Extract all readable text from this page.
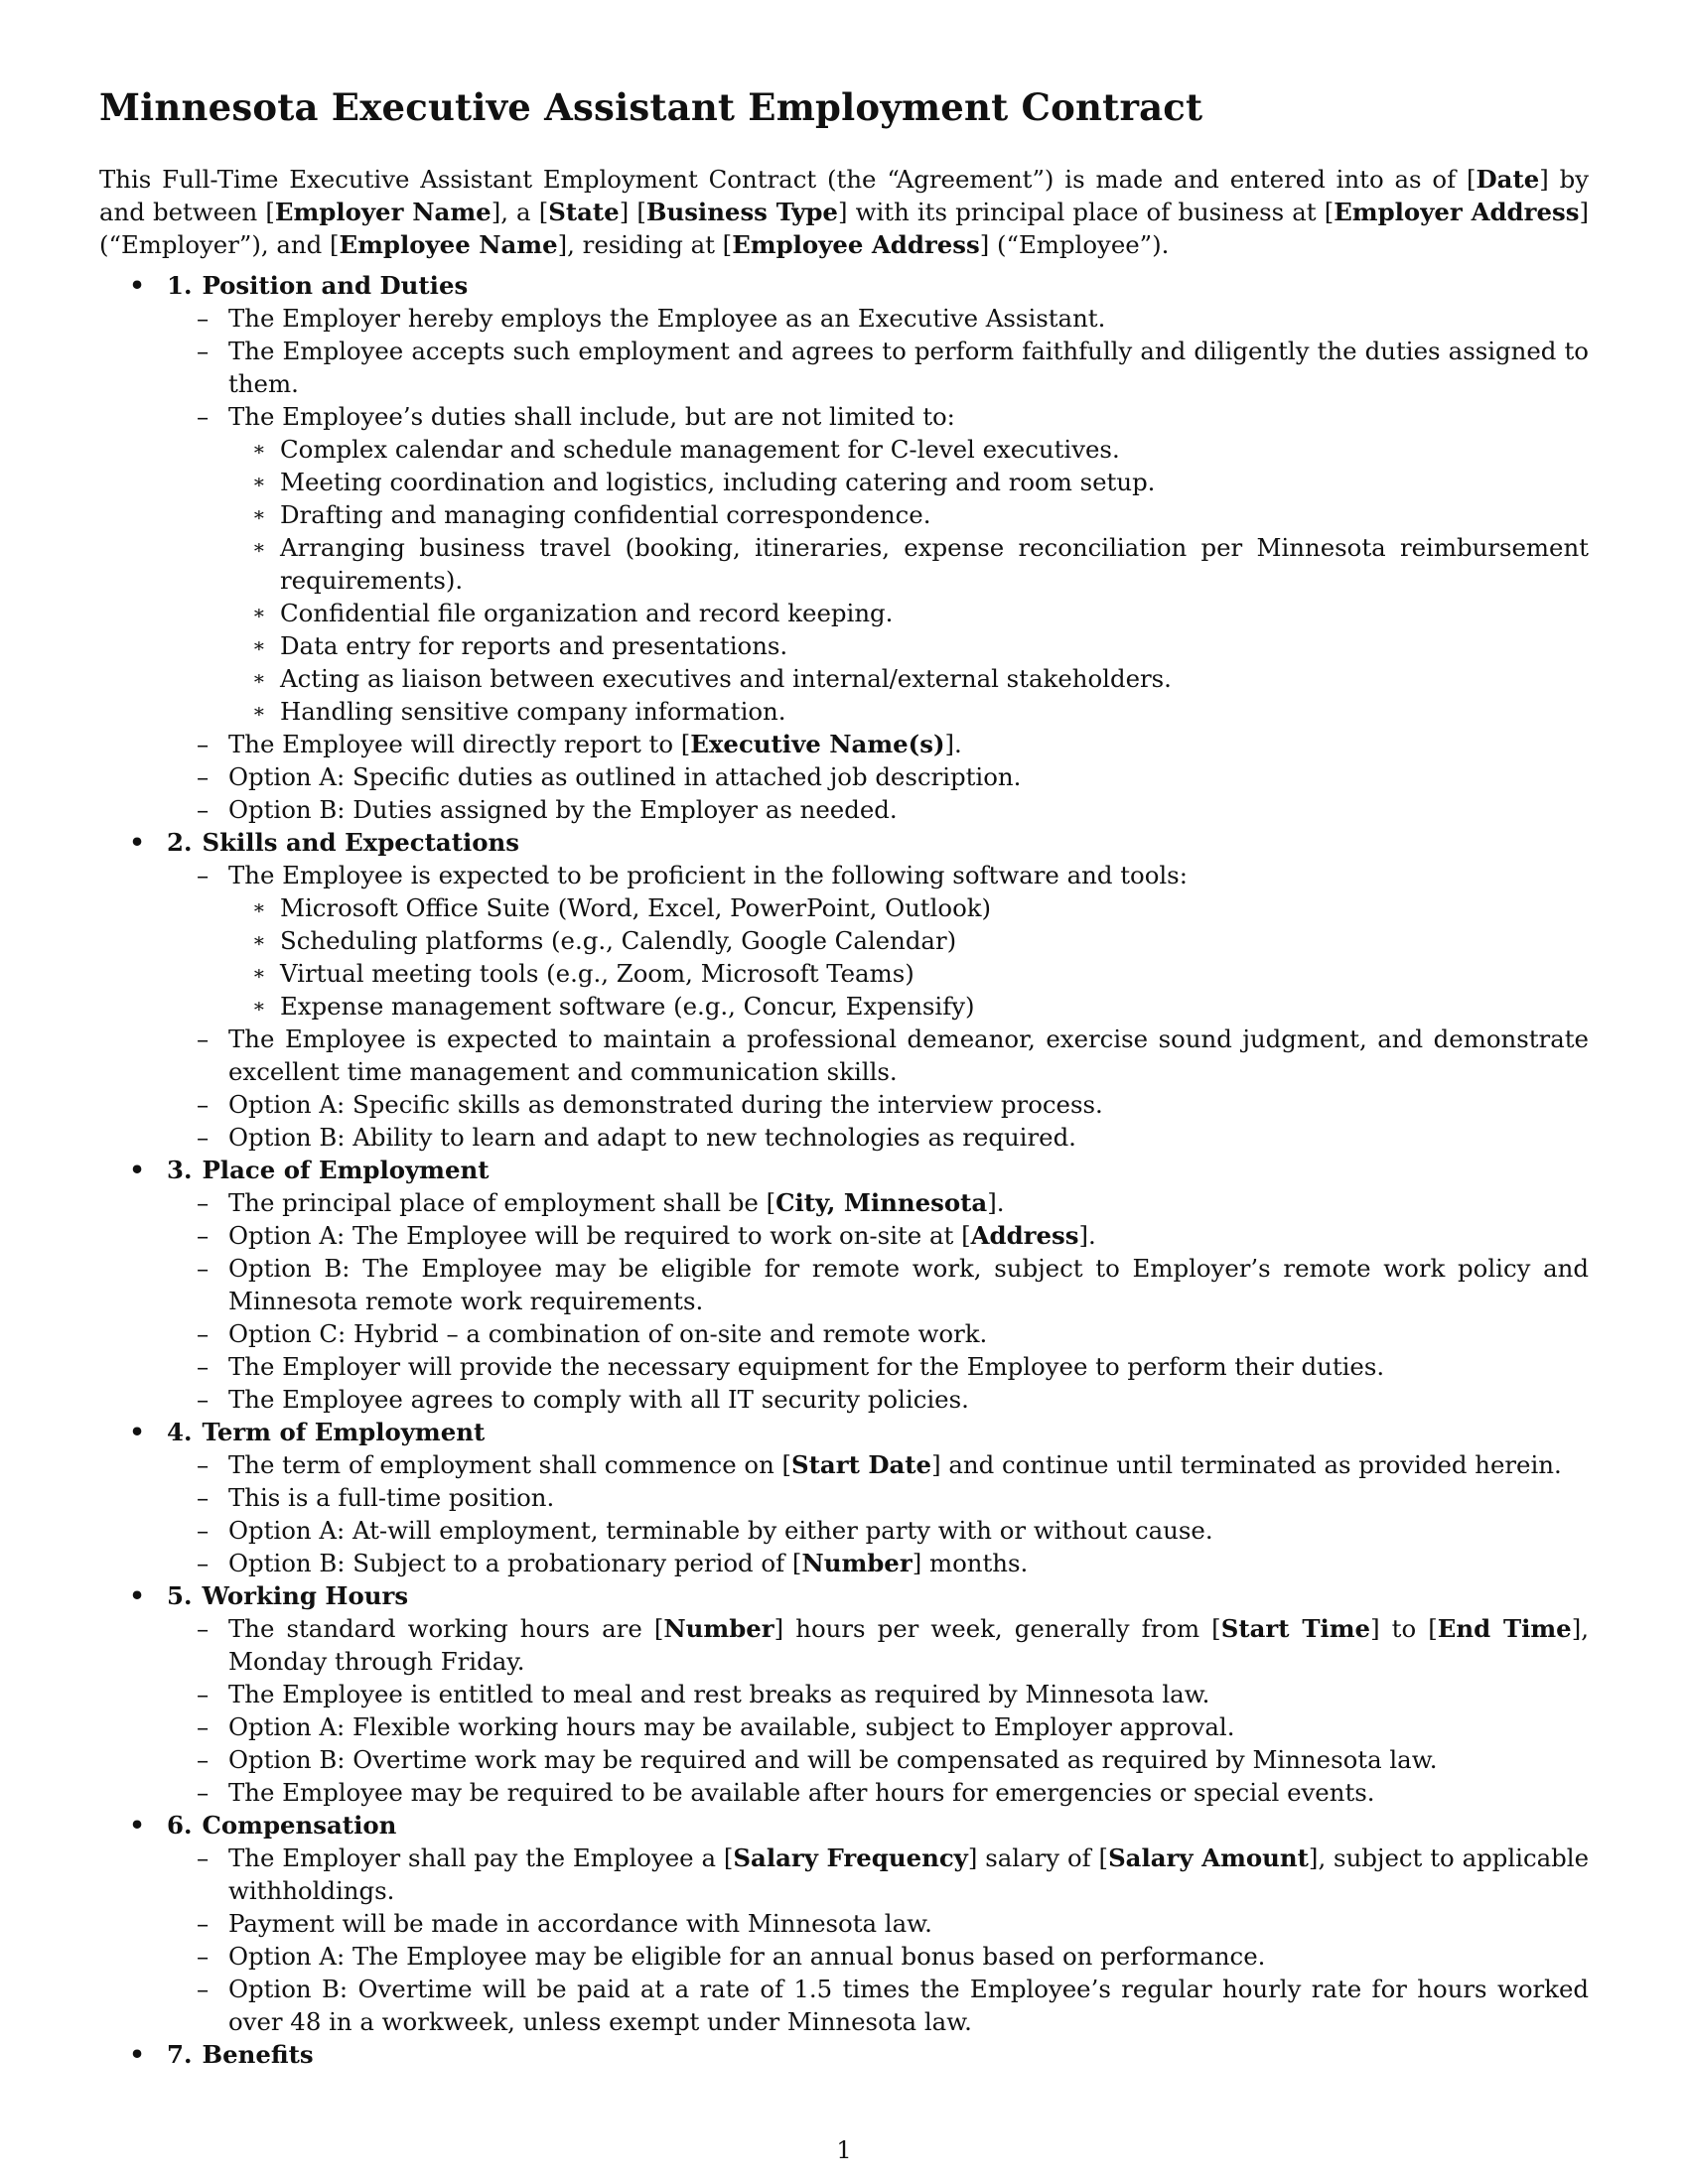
Minnesota Executive Assistant Employment Contract

This Full-Time Executive Assistant Employment Contract (the “Agreement”) is made and entered into as of [Date] by and between [Employer Name], a [State] [Business Type] with its principal place of business at [Employer Address] (“Employer”), and [Employee Name], residing at [Employee Address] (“Employee”).

• 1. Position and Duties
– The Employer hereby employs the Employee as an Executive Assistant.
– The Employee accepts such employment and agrees to perform faithfully and diligently the duties assigned to them.
– The Employee’s duties shall include, but are not limited to:
∗ Complex calendar and schedule management for C-level executives.
∗ Meeting coordination and logistics, including catering and room setup.
∗ Drafting and managing confidential correspondence.
∗ Arranging business travel (booking, itineraries, expense reconciliation per Minnesota reimbursement requirements).
∗ Confidential file organization and record keeping.
∗ Data entry for reports and presentations.
∗ Acting as liaison between executives and internal/external stakeholders.
∗ Handling sensitive company information.
– The Employee will directly report to [Executive Name(s)].
– Option A: Specific duties as outlined in attached job description.
– Option B: Duties assigned by the Employer as needed.
• 2. Skills and Expectations
– The Employee is expected to be proficient in the following software and tools:
∗ Microsoft Office Suite (Word, Excel, PowerPoint, Outlook)
∗ Scheduling platforms (e.g., Calendly, Google Calendar)
∗ Virtual meeting tools (e.g., Zoom, Microsoft Teams)
∗ Expense management software (e.g., Concur, Expensify)
– The Employee is expected to maintain a professional demeanor, exercise sound judgment, and demonstrate excellent time management and communication skills.
– Option A: Specific skills as demonstrated during the interview process.
– Option B: Ability to learn and adapt to new technologies as required.
• 3. Place of Employment
– The principal place of employment shall be [City, Minnesota].
– Option A: The Employee will be required to work on-site at [Address].
– Option B: The Employee may be eligible for remote work, subject to Employer’s remote work policy and Minnesota remote work requirements.
– Option C: Hybrid – a combination of on-site and remote work.
– The Employer will provide the necessary equipment for the Employee to perform their duties.
– The Employee agrees to comply with all IT security policies.
• 4. Term of Employment
– The term of employment shall commence on [Start Date] and continue until terminated as provided herein.
– This is a full-time position.
– Option A: At-will employment, terminable by either party with or without cause.
– Option B: Subject to a probationary period of [Number] months.
• 5. Working Hours
– The standard working hours are [Number] hours per week, generally from [Start Time] to [End Time], Monday through Friday.
– The Employee is entitled to meal and rest breaks as required by Minnesota law.
– Option A: Flexible working hours may be available, subject to Employer approval.
– Option B: Overtime work may be required and will be compensated as required by Minnesota law.
– The Employee may be required to be available after hours for emergencies or special events.
• 6. Compensation
– The Employer shall pay the Employee a [Salary Frequency] salary of [Salary Amount], subject to applicable withholdings.
– Payment will be made in accordance with Minnesota law.
– Option A: The Employee may be eligible for an annual bonus based on performance.
– Option B: Overtime will be paid at a rate of 1.5 times the Employee’s regular hourly rate for hours worked over 48 in a workweek, unless exempt under Minnesota law.
• 7. Benefits
1
